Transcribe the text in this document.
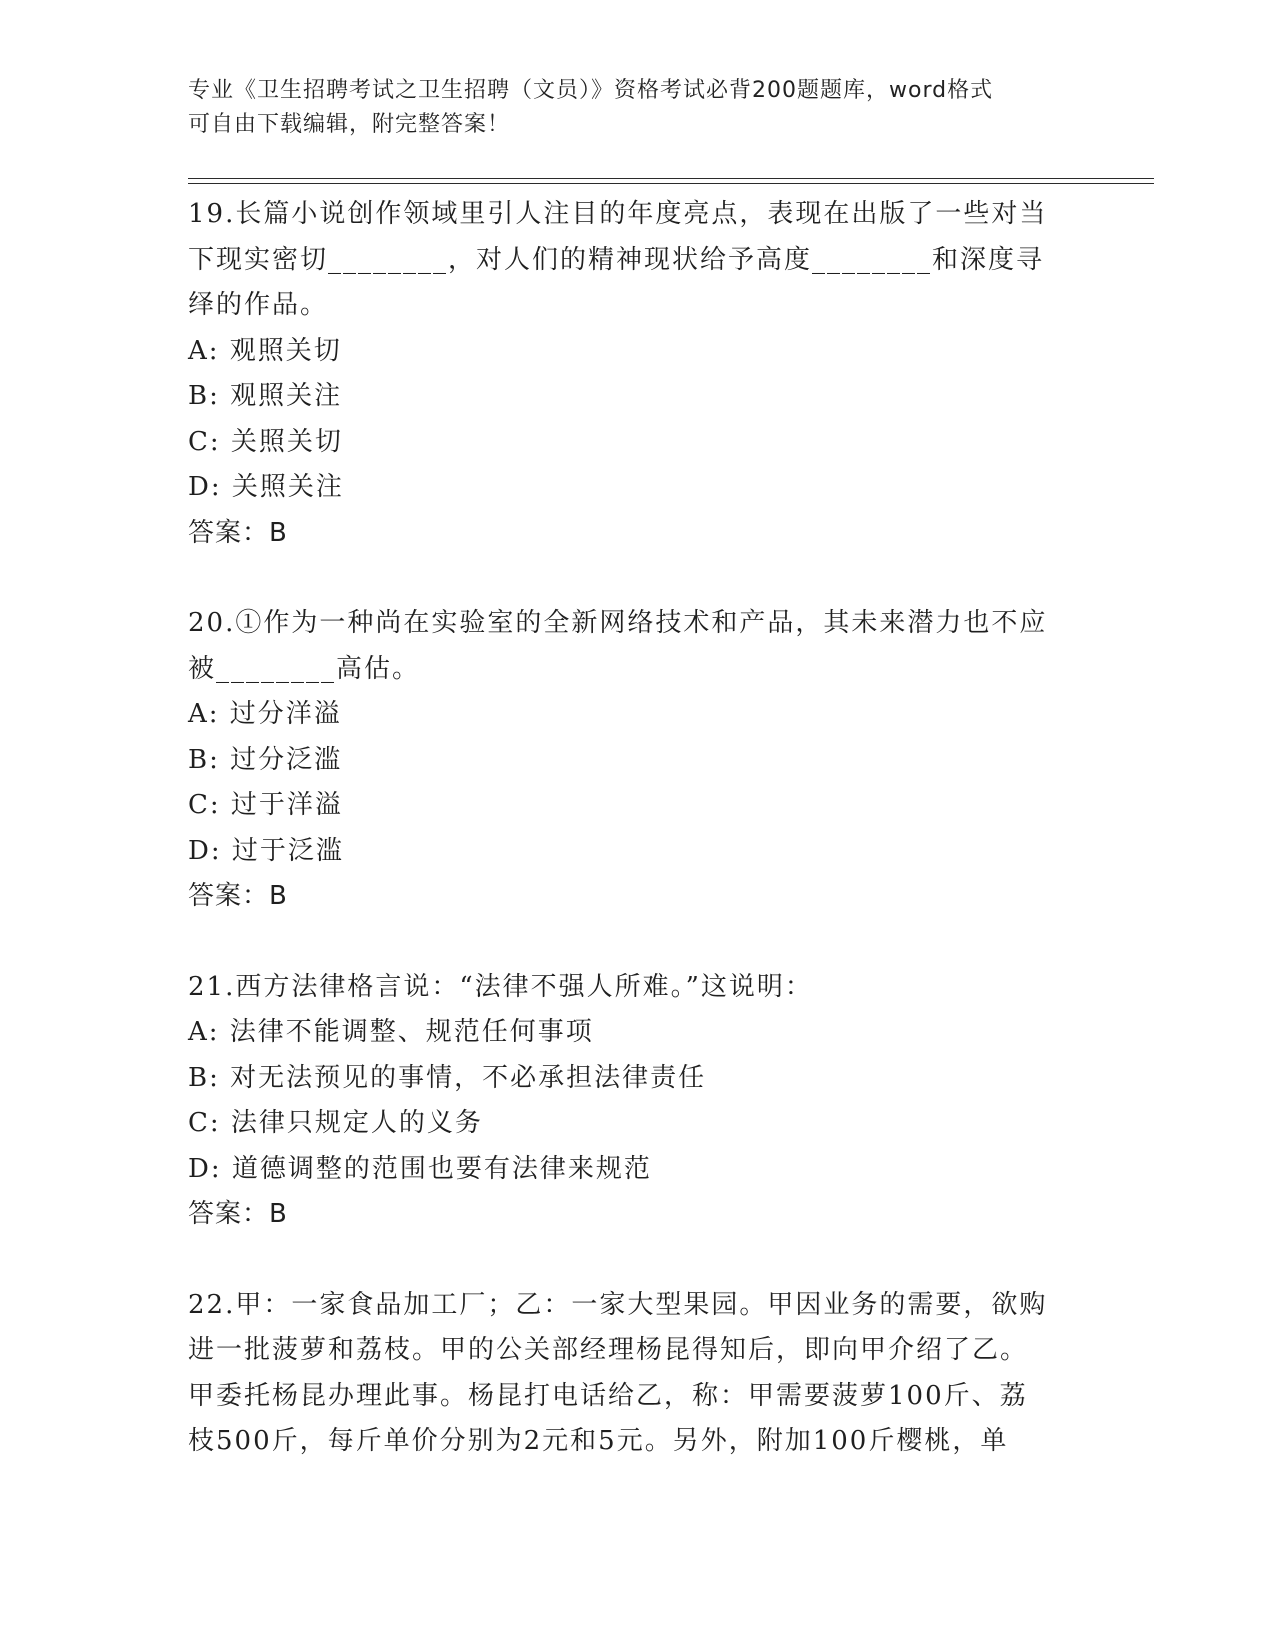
专业《卫生招聘考试之卫生招聘（文员）》资格考试必背200题题库，word格式
可自由下载编辑，附完整答案！

19.长篇小说创作领域里引人注目的年度亮点，表现在出版了一些对当

下现实密切________，对人们的精神现状给予高度________和深度寻

绎的作品。

A: 观照关切

B: 观照关注

C: 关照关切

D: 关照关注

答案：B

20.①作为一种尚在实验室的全新网络技术和产品，其未来潜力也不应

被________高估。

A: 过分洋溢

B: 过分泛滥

C: 过于洋溢

D: 过于泛滥

答案：B

21.西方法律格言说：“法律不强人所难。”这说明：

A: 法律不能调整、规范任何事项

B: 对无法预见的事情，不必承担法律责任

C: 法律只规定人的义务

D: 道德调整的范围也要有法律来规范

答案：B

22.甲：一家食品加工厂；乙：一家大型果园。甲因业务的需要，欲购

进一批菠萝和荔枝。甲的公关部经理杨昆得知后，即向甲介绍了乙。

甲委托杨昆办理此事。杨昆打电话给乙，称：甲需要菠萝100斤、荔

枝500斤，每斤单价分别为2元和5元。另外，附加100斤樱桃，单
